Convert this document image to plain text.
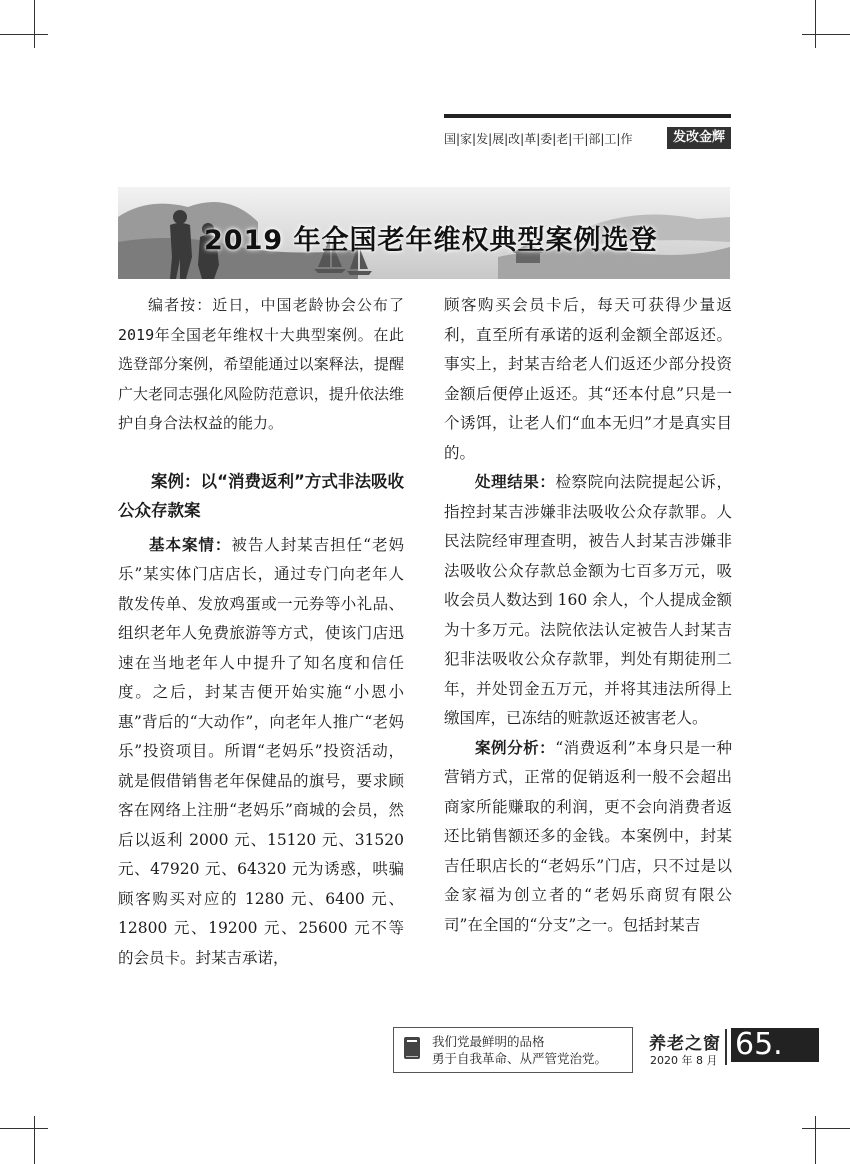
国|家|发|展|改|革|委|老|干|部|工|作	发改金辉
2019 年全国老年维权典型案例选登

编者按：近日，中国老龄协会公布了2019年全国老年维权十大典型案例。在此选登部分案例，希望能通过以案释法，提醒广大老同志强化风险防范意识，提升依法维护自身合法权益的能力。

案例：以“消费返利”方式非法吸收公众存款案

基本案情：被告人封某吉担任“老妈乐”某实体门店店长，通过专门向老年人散发传单、发放鸡蛋或一元券等小礼品、组织老年人免费旅游等方式，使该门店迅速在当地老年人中提升了知名度和信任度。之后，封某吉便开始实施“小恩小惠”背后的“大动作”，向老年人推广“老妈乐”投资项目。所谓“老妈乐”投资活动，就是假借销售老年保健品的旗号，要求顾客在网络上注册“老妈乐”商城的会员，然后以返利 2000 元、15120 元、31520 元、47920 元、64320 元为诱惑，哄骗顾客购买对应的 1280 元、6400 元、12800 元、19200 元、25600 元不等的会员卡。封某吉承诺，

顾客购买会员卡后，每天可获得少量返利，直至所有承诺的返利金额全部返还。事实上，封某吉给老人们返还少部分投资金额后便停止返还。其“还本付息”只是一个诱饵，让老人们“血本无归”才是真实目的。

处理结果：检察院向法院提起公诉，指控封某吉涉嫌非法吸收公众存款罪。人民法院经审理查明，被告人封某吉涉嫌非法吸收公众存款总金额为七百多万元，吸收会员人数达到 160 余人，个人提成金额为十多万元。法院依法认定被告人封某吉犯非法吸收公众存款罪，判处有期徒刑二年，并处罚金五万元，并将其违法所得上缴国库，已冻结的赃款返还被害老人。

案例分析：“消费返利”本身只是一种营销方式，正常的促销返利一般不会超出商家所能赚取的利润，更不会向消费者返还比销售额还多的金钱。本案例中，封某吉任职店长的“老妈乐”门店，只不过是以金家福为创立者的“老妈乐商贸有限公司”在全国的“分支”之一。包括封某吉

我们党最鲜明的品格
勇于自我革命、从严管党治党。
养老之窗
2020 年 8 月 65.
